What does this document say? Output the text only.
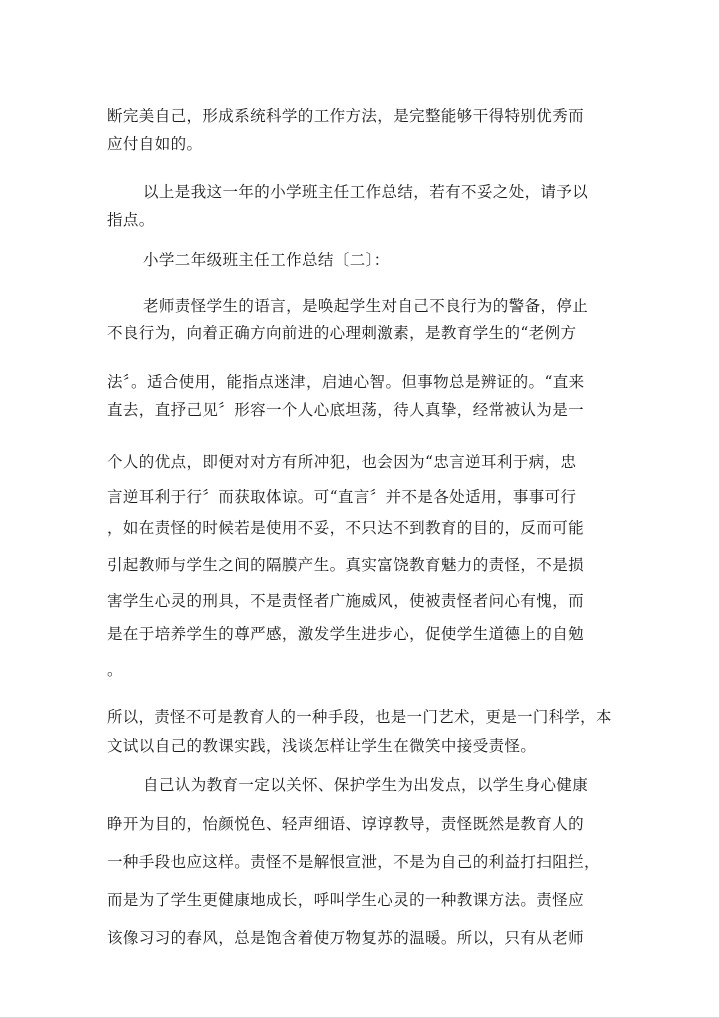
断完美自己，形成系统科学的工作方法，是完整能够干得特别优秀而
应付自如的。
以上是我这一年的小学班主任工作总结，若有不妥之处，请予以
指点。
小学二年级班主任工作总结〔二〕：
老师责怪学生的语言，是唤起学生对自己不良行为的警备，停止
不良行为，向着正确方向前进的心理刺激素，是教育学生的“老例方
法〞。适合使用，能指点迷津，启迪心智。但事物总是辨证的。“直来
直去，直抒己见〞形容一个人心底坦荡，待人真挚，经常被认为是一
个人的优点，即便对对方有所冲犯，也会因为“忠言逆耳利于病，忠
言逆耳利于行〞而获取体谅。可“直言〞并不是各处适用，事事可行
，如在责怪的时候若是使用不妥，不只达不到教育的目的，反而可能
引起教师与学生之间的隔膜产生。真实富饶教育魅力的责怪，不是损
害学生心灵的刑具，不是责怪者广施威风，使被责怪者问心有愧，而
是在于培养学生的尊严感，激发学生进步心，促使学生道德上的自勉
。
所以，责怪不可是教育人的一种手段，也是一门艺术，更是一门科学，本
文试以自己的教课实践，浅谈怎样让学生在微笑中接受责怪。
自己认为教育一定以关怀、保护学生为出发点，以学生身心健康
睁开为目的，怡颜悦色、轻声细语、谆谆教导，责怪既然是教育人的
一种手段也应这样。责怪不是解恨宣泄，不是为自己的利益打扫阻拦，
而是为了学生更健康地成长，呼叫学生心灵的一种教课方法。责怪应
该像习习的春风，总是饱含着使万物复苏的温暖。所以，只有从老师
